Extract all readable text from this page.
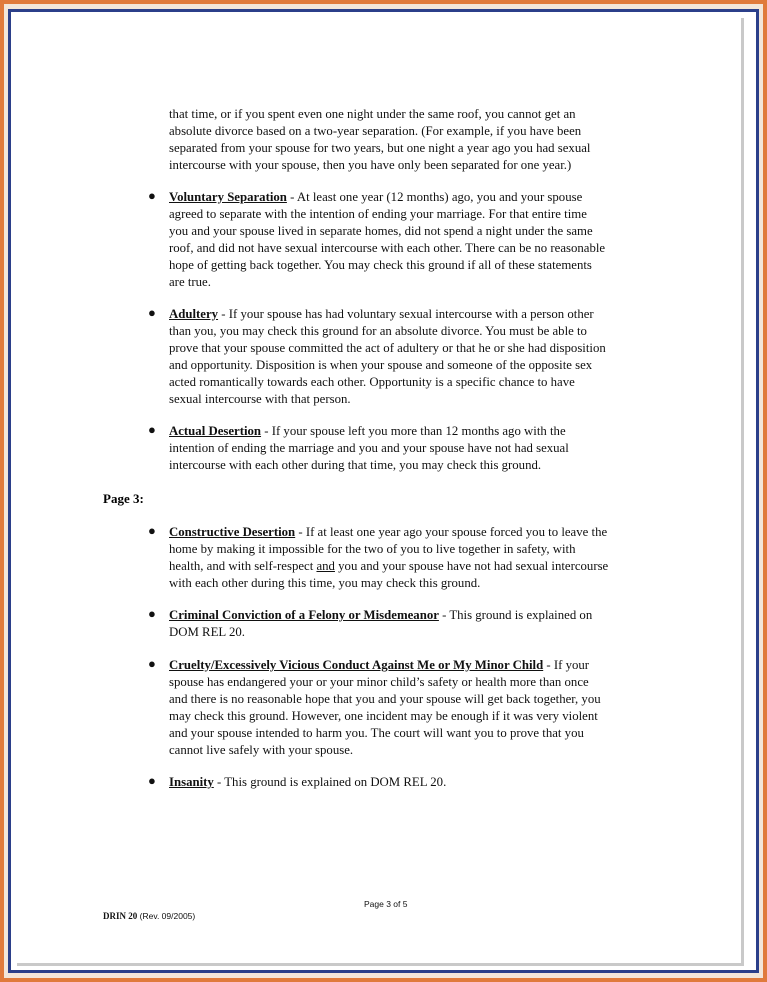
that time, or if you spent even one night under the same roof, you cannot get an
absolute divorce based on a two-year separation. (For example, if you have been
separated from your spouse for two years, but one night a year ago you had sexual
intercourse with your spouse, then you have only been separated for one year.)
● Voluntary Separation - At least one year (12 months) ago, you and your spouse
agreed to separate with the intention of ending your marriage. For that entire time
you and your spouse lived in separate homes, did not spend a night under the same
roof, and did not have sexual intercourse with each other. There can be no reasonable
hope of getting back together. You may check this ground if all of these statements
are true.
● Adultery - If your spouse has had voluntary sexual intercourse with a person other
than you, you may check this ground for an absolute divorce. You must be able to
prove that your spouse committed the act of adultery or that he or she had disposition
and opportunity. Disposition is when your spouse and someone of the opposite sex
acted romantically towards each other. Opportunity is a specific chance to have
sexual intercourse with that person.
● Actual Desertion - If your spouse left you more than 12 months ago with the
intention of ending the marriage and you and your spouse have not had sexual
intercourse with each other during that time, you may check this ground.
Page 3:
● Constructive Desertion - If at least one year ago your spouse forced you to leave the
home by making it impossible for the two of you to live together in safety, with
health, and with self-respect and you and your spouse have not had sexual intercourse
with each other during this time, you may check this ground.
● Criminal Conviction of a Felony or Misdemeanor - This ground is explained on
DOM REL 20.
● Cruelty/Excessively Vicious Conduct Against Me or My Minor Child - If your
spouse has endangered your or your minor child’s safety or health more than once
and there is no reasonable hope that you and your spouse will get back together, you
may check this ground. However, one incident may be enough if it was very violent
and your spouse intended to harm you. The court will want you to prove that you
cannot live safely with your spouse.
● Insanity - This ground is explained on DOM REL 20.
Page 3 of 5
DRIN 20 (Rev. 09/2005)
